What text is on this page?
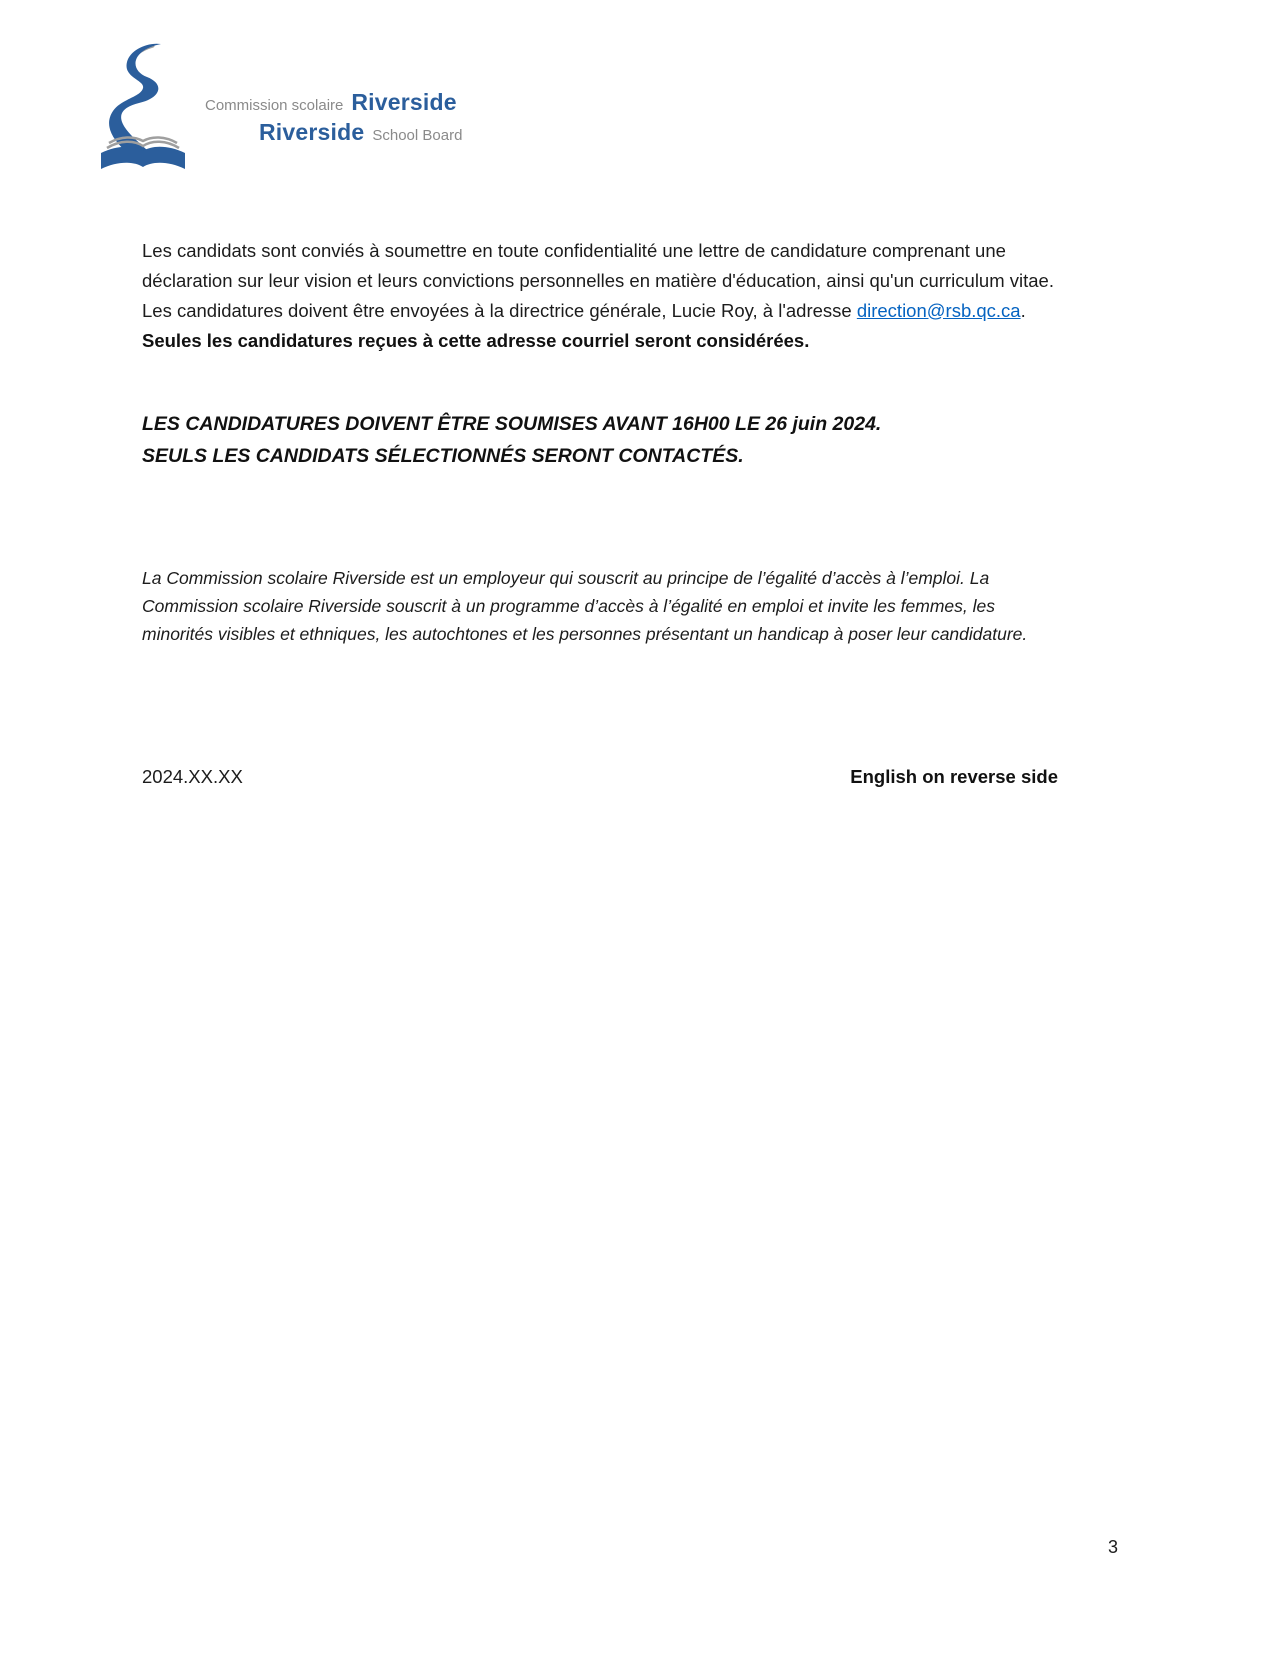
Commission scolaire Riverside
Riverside School Board

Les candidats sont conviés à soumettre en toute confidentialité une lettre de candidature comprenant une déclaration sur leur vision et leurs convictions personnelles en matière d'éducation, ainsi qu'un curriculum vitae. Les candidatures doivent être envoyées à la directrice générale, Lucie Roy, à l'adresse direction@rsb.qc.ca. Seules les candidatures reçues à cette adresse courriel seront considérées.

LES CANDIDATURES DOIVENT ÊTRE SOUMISES AVANT 16H00 LE 26 juin 2024.
SEULS LES CANDIDATS SÉLECTIONNÉS SERONT CONTACTÉS.

La Commission scolaire Riverside est un employeur qui souscrit au principe de l’égalité d’accès à l’emploi. La Commission scolaire Riverside souscrit à un programme d’accès à l’égalité en emploi et invite les femmes, les minorités visibles et ethniques, les autochtones et les personnes présentant un handicap à poser leur candidature.

2024.XX.XX	English on reverse side
3
